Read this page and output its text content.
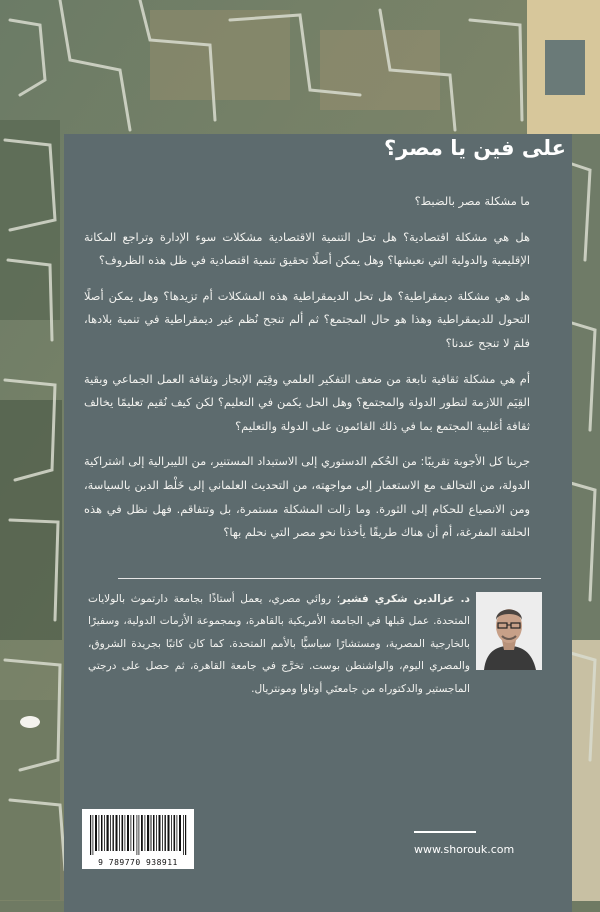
على فين يا مصر؟

ما مشكلة مصر بالضبط؟

هل هي مشكلة اقتصادية؟ هل تحل التنمية الاقتصادية مشكلات سوء الإدارة وتراجع المكانة الإقليمية والدولية التي نعيشها؟ وهل يمكن أصلًا تحقيق تنمية اقتصادية في ظل هذه الظروف؟

هل هي مشكلة ديمقراطية؟ هل تحل الديمقراطية هذه المشكلات أم تزيدها؟ وهل يمكن أصلًا التحول للديمقراطية وهذا هو حال المجتمع؟ ثم ألم تنجح نُظم غير ديمقراطية في تنمية بلادها، فلمَ لا تنجح عندنا؟

أم هي مشكلة ثقافية نابعة من ضعف التفكير العلمي وقِيَم الإنجاز وثقافة العمل الجماعي وبقية القِيَم اللازمة لتطور الدولة والمجتمع؟ وهل الحل يكمن في التعليم؟ لكن كيف نُقيم تعليمًا يخالف ثقافة أغلبية المجتمع بما في ذلك القائمون على الدولة والتعليم؟

جربنا كل الأجوبة تقريبًا: من الحُكم الدستوري إلى الاستبداد المستنير، من الليبرالية إلى اشتراكية الدولة، من التحالف مع الاستعمار إلى مواجهته، من التحديث العلماني إلى خَلْط الدين بالسياسة، ومن الانصياع للحكام إلى الثورة. وما زالت المشكلة مستمرة، بل وتتفاقم. فهل نظل في هذه الحلقة المفرغة، أم أن هناك طريقًا يأخذنا نحو مصر التي نحلم بها؟

د. عزالدين شكري فشير؛ روائي مصري، يعمل أستاذًا بجامعة دارتموث بالولايات المتحدة. عمل قبلها في الجامعة الأمريكية بالقاهرة، وبمجموعة الأزمات الدولية، وسفيرًا بالخارجية المصرية، ومستشارًا سياسيًّا بالأمم المتحدة. كما كان كاتبًا بجريدة الشروق، والمصري اليوم، والواشنطن بوست. تخرَّج في جامعة القاهرة، ثم حصل على درجتي الماجستير والدكتوراه من جامعتَي أوتاوا ومونتريال.
9 789770 938911
www.shorouk.com
